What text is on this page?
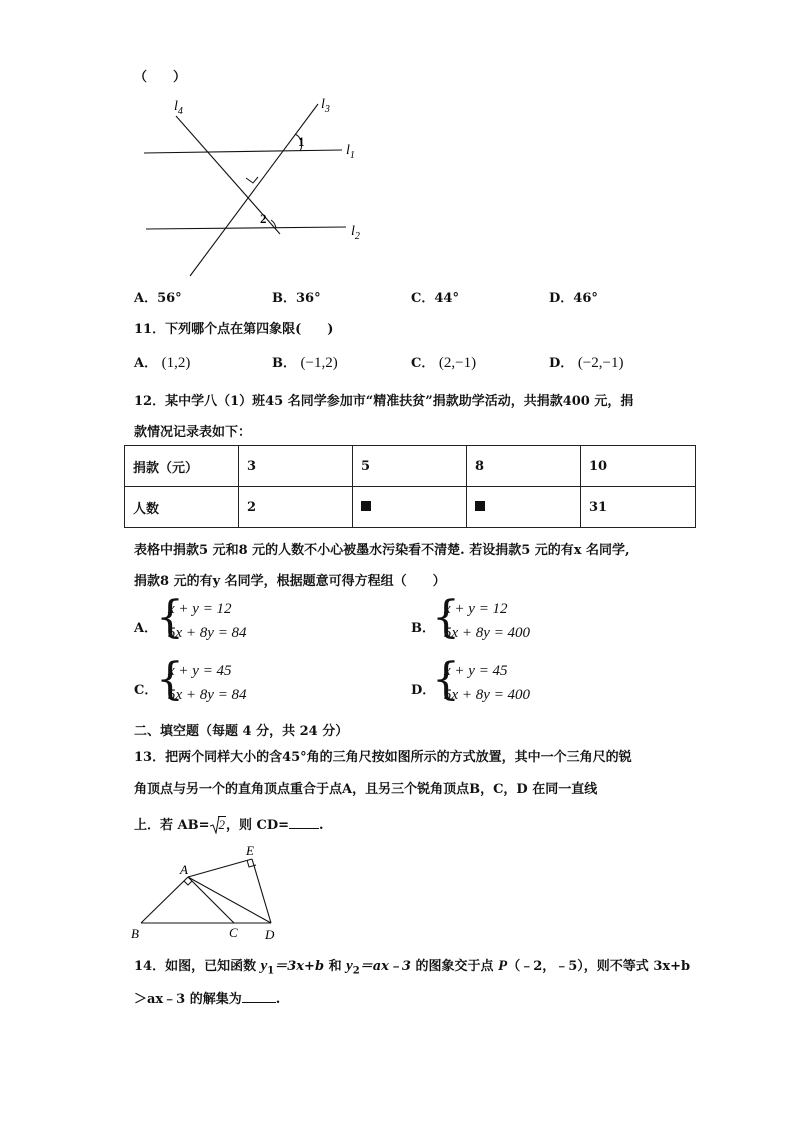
（　　）
$l_4$	$l_3$
$l_1$
$l_2$
1
2
A．56°	B．36°	C．44°	D．46°
11．下列哪个点在第四象限(　　)
A． (1,2)	B． (−1,2)	C． (2,−1)	D． (−2,−1)
12．某中学八（1）班45 名同学参加市“精准扶贫”捐款助学活动，共捐款400 元，捐
款情况记录表如下：
捐款（元）	3	5	8	10
人数	2			31
表格中捐款5 元和8 元的人数不小心被墨水污染看不清楚. 若设捐款5 元的有x 名同学,
捐款8 元的有y 名同学，根据题意可得方程组（　　）
A．
{
x + y = 12
5x + 8y = 84	B．
{
x + y = 12
5x + 8y = 400
C．
{
x + y = 45
5x + 8y = 84	D．
{
x + y = 45
5x + 8y = 400
二、填空题（每题 4 分，共 24 分）
13．把两个同样大小的含45°角的三角尺按如图所示的方式放置，其中一个三角尺的锐
角顶点与另一个的直角顶点重合于点A，且另三个锐角顶点B，C，D 在同一直线
上．若 AB= 2，则 CD= .
A
E
B	C D
14．如图，已知函数 $y_1=3x+b$ 和 $y_2=ax﹣3$ 的图象交于点 P（﹣2，﹣5），则不等式 3x+b
＞ax﹣3 的解集为	.
